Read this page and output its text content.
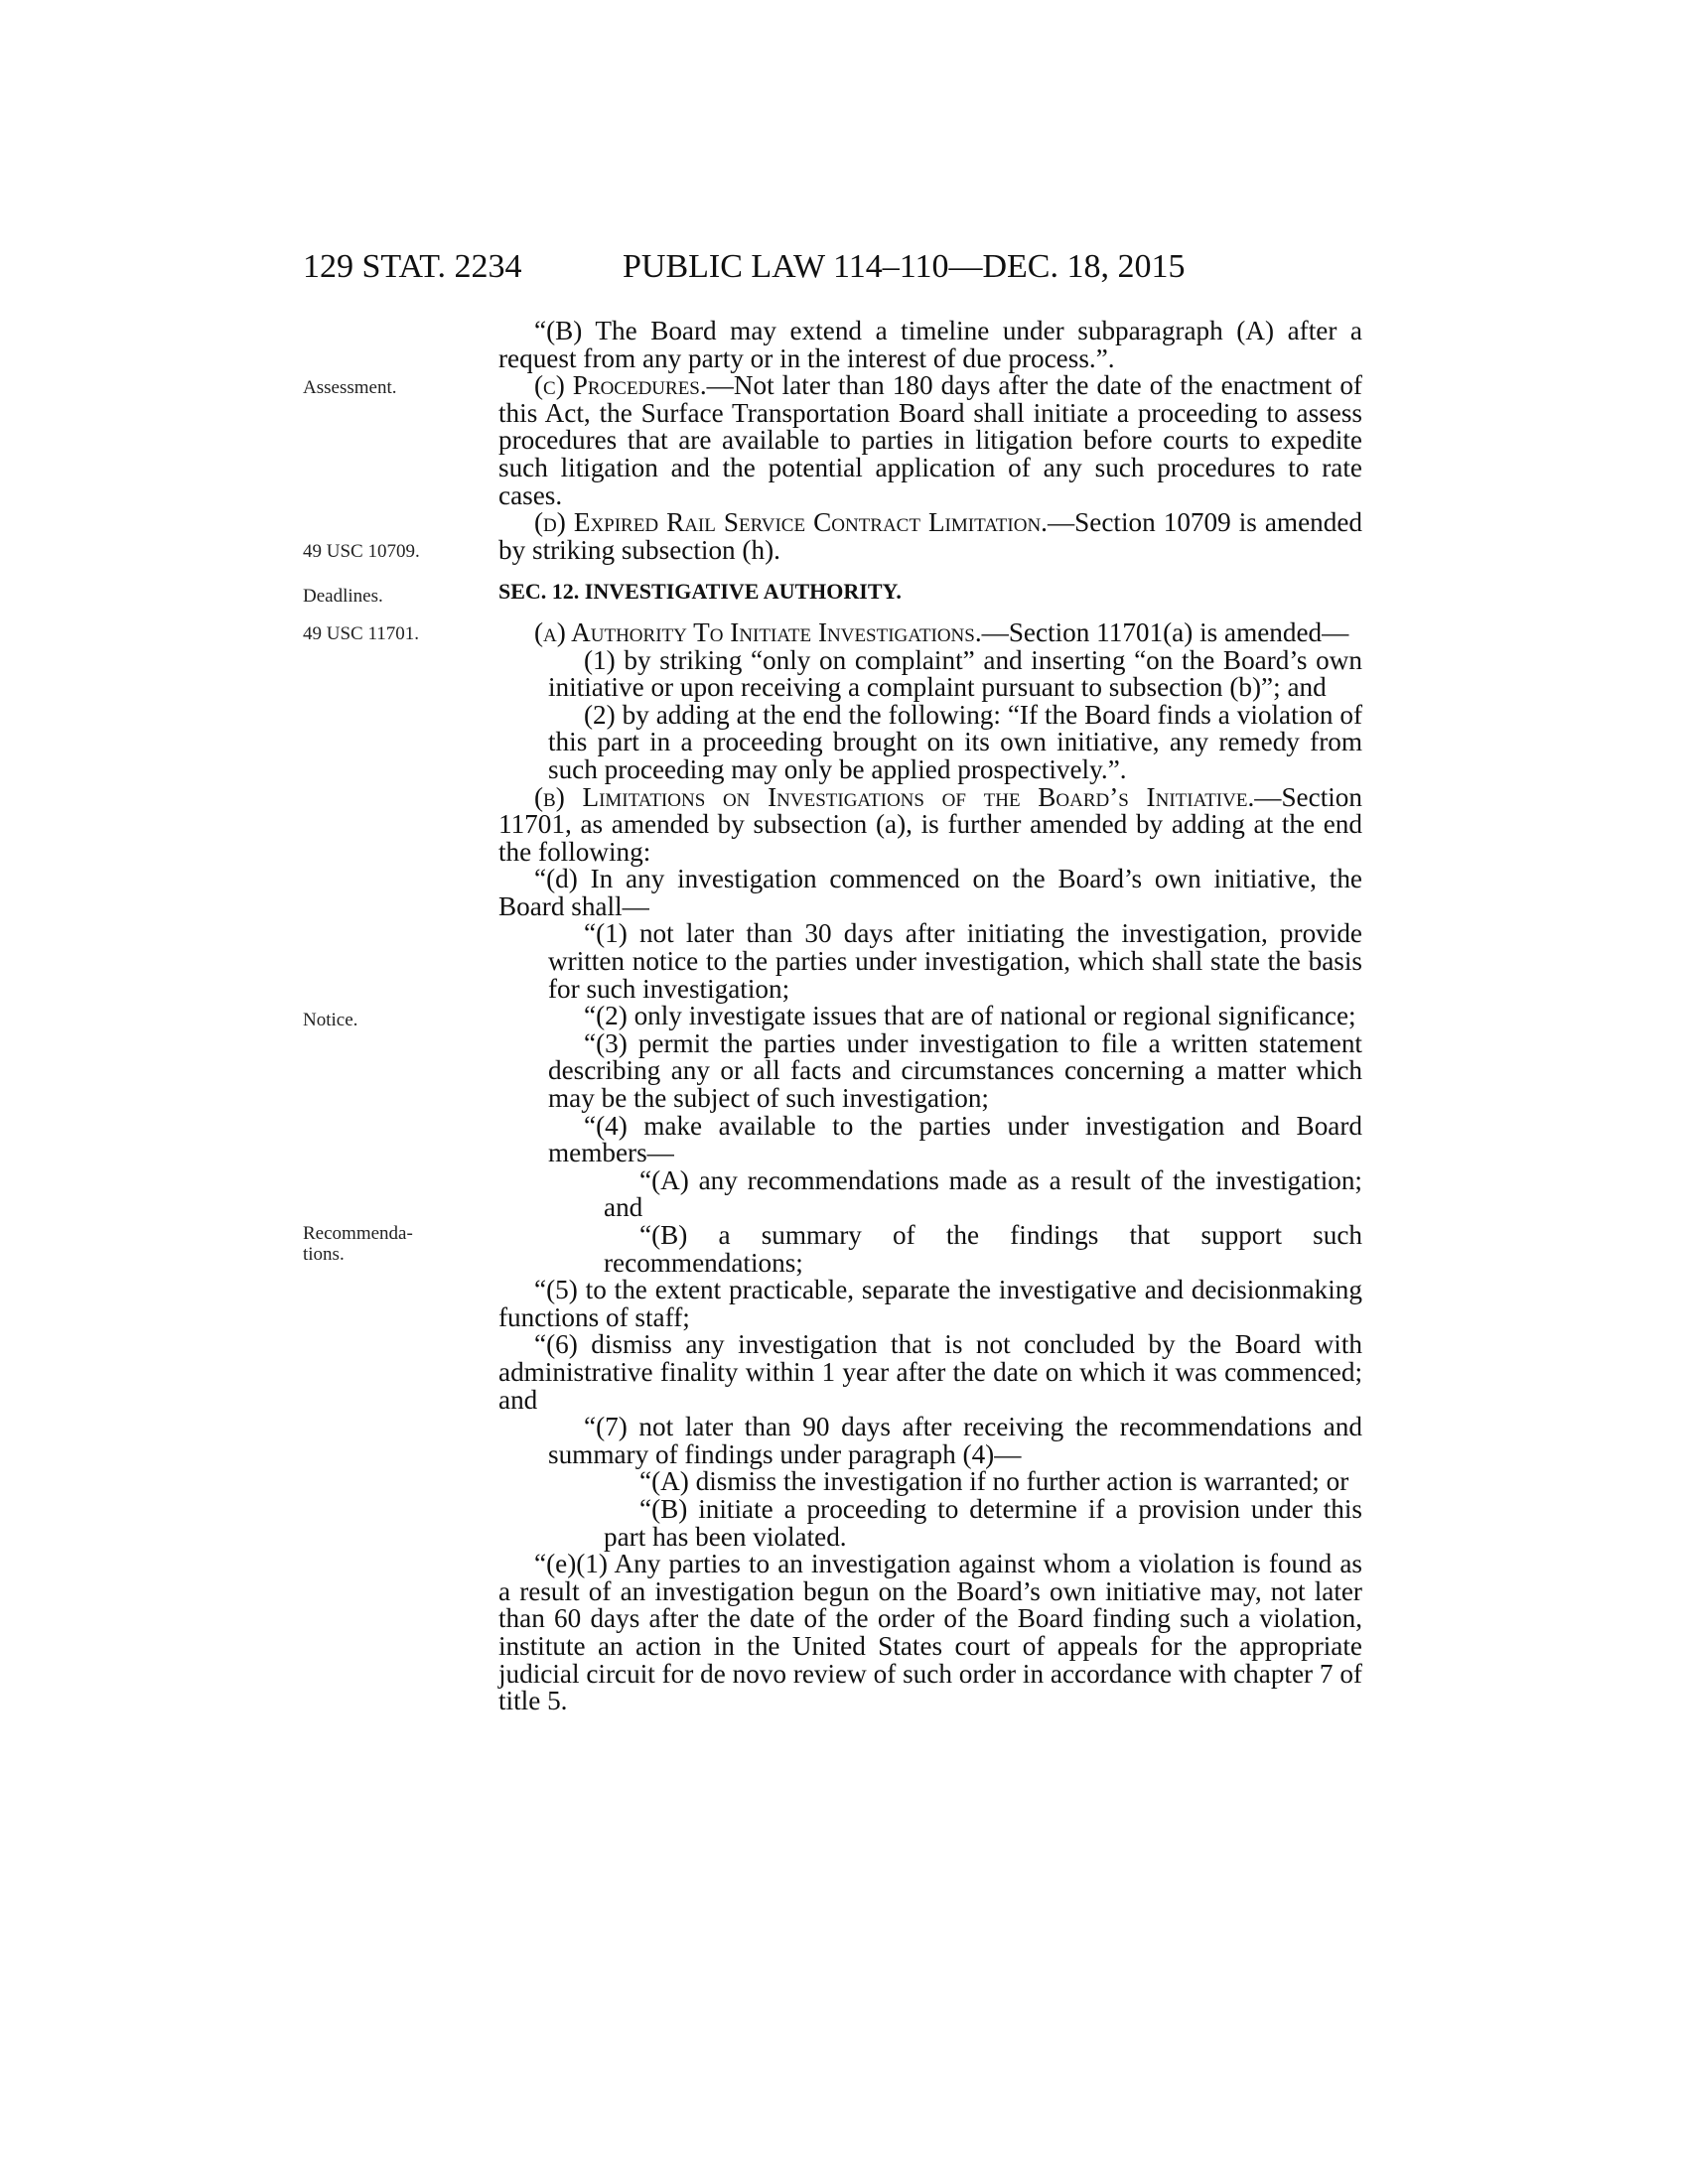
129 STAT. 2234	PUBLIC LAW 114–110—DEC. 18, 2015
Assessment.
49 USC 10709.
Deadlines.
49 USC 11701.
Notice.
Recommenda-tions.

“(B) The Board may extend a timeline under subparagraph (A) after a request from any party or in the interest of due process.”.

(c) Procedures.—Not later than 180 days after the date of the enactment of this Act, the Surface Transportation Board shall initiate a proceeding to assess procedures that are available to parties in litigation before courts to expedite such litigation and the potential application of any such procedures to rate cases.

(d) Expired Rail Service Contract Limitation.—Section 10709 is amended by striking subsection (h).

SEC. 12. INVESTIGATIVE AUTHORITY.

(a) Authority To Initiate Investigations.—Section 11701(a) is amended—

(1) by striking “only on complaint” and inserting “on the Board’s own initiative or upon receiving a complaint pursuant to subsection (b)”; and

(2) by adding at the end the following: “If the Board finds a violation of this part in a proceeding brought on its own initiative, any remedy from such proceeding may only be applied prospectively.”.

(b) Limitations on Investigations of the Board’s Initiative.—Section 11701, as amended by subsection (a), is further amended by adding at the end the following:

“(d) In any investigation commenced on the Board’s own initiative, the Board shall—

“(1) not later than 30 days after initiating the investigation, provide written notice to the parties under investigation, which shall state the basis for such investigation;

“(2) only investigate issues that are of national or regional significance;

“(3) permit the parties under investigation to file a written statement describing any or all facts and circumstances concerning a matter which may be the subject of such investigation;

“(4) make available to the parties under investigation and Board members—

“(A) any recommendations made as a result of the investigation; and

“(B) a summary of the findings that support such recommendations;

“(5) to the extent practicable, separate the investigative and decisionmaking functions of staff;

“(6) dismiss any investigation that is not concluded by the Board with administrative finality within 1 year after the date on which it was commenced; and

“(7) not later than 90 days after receiving the recommendations and summary of findings under paragraph (4)—

“(A) dismiss the investigation if no further action is warranted; or

“(B) initiate a proceeding to determine if a provision under this part has been violated.

“(e)(1) Any parties to an investigation against whom a violation is found as a result of an investigation begun on the Board’s own initiative may, not later than 60 days after the date of the order of the Board finding such a violation, institute an action in the United States court of appeals for the appropriate judicial circuit for de novo review of such order in accordance with chapter 7 of title 5.
